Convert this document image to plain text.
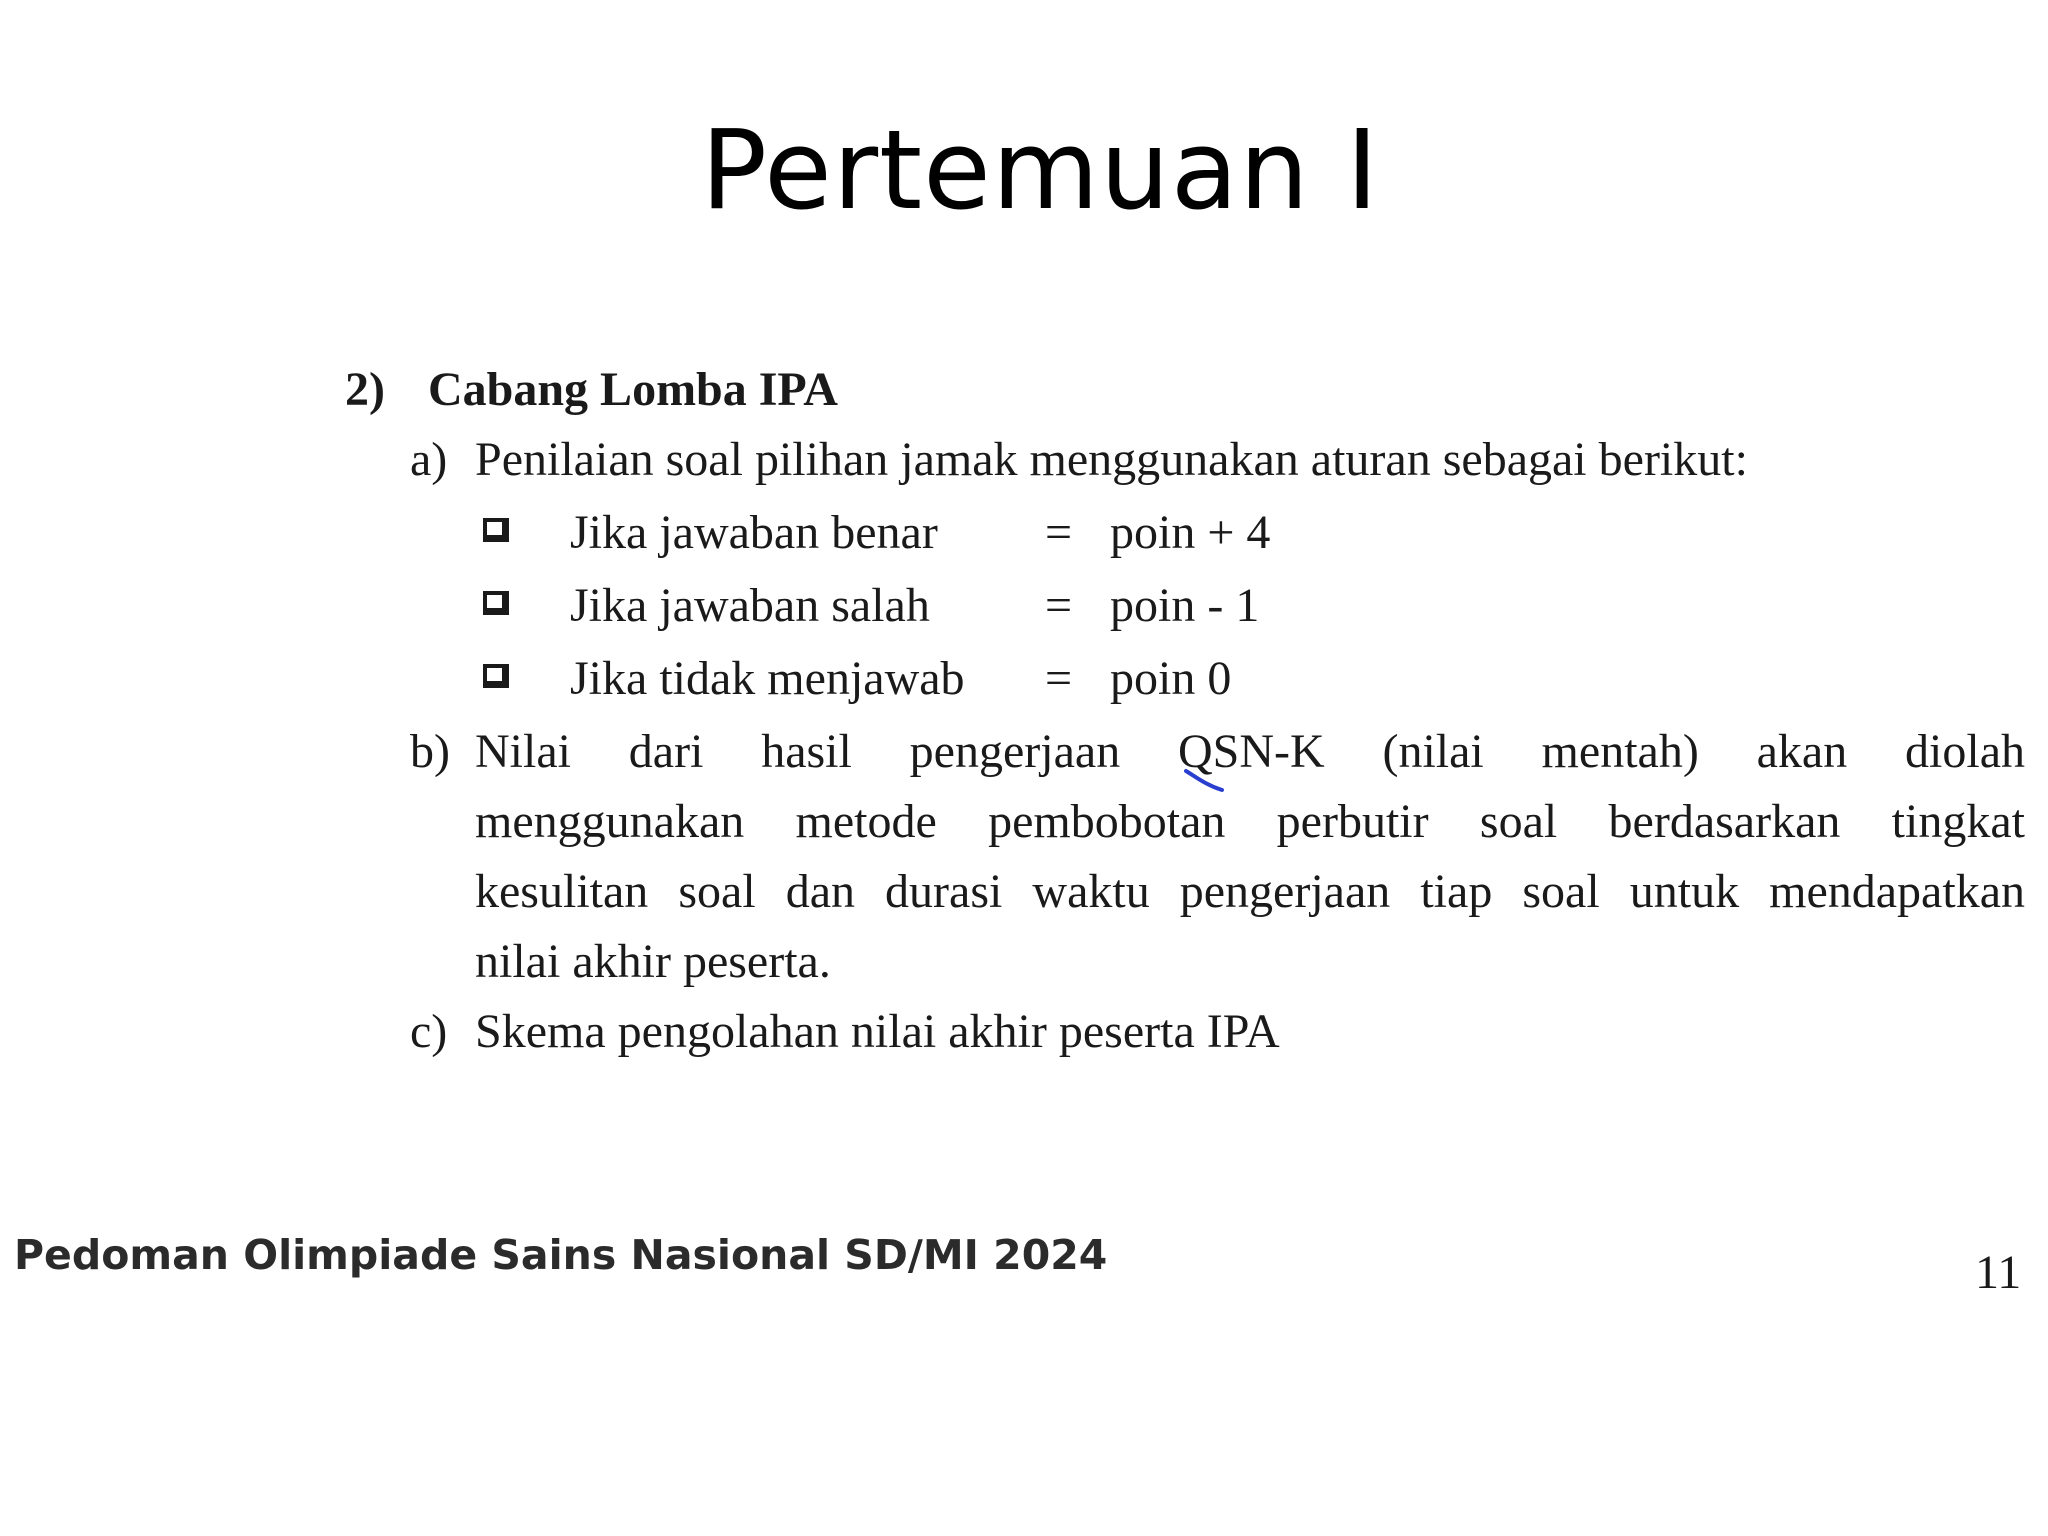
Pertemuan I
2) Cabang Lomba IPA
a) Penilaian soal pilihan jamak menggunakan aturan sebagai berikut:
Jika jawaban benar = poin + 4
Jika jawaban salah = poin - 1
Jika tidak menjawab = poin 0
b) Nilai dari hasil pengerjaan QSN-K (nilai mentah) akan diolah
menggunakan metode pembobotan perbutir soal berdasarkan tingkat
kesulitan soal dan durasi waktu pengerjaan tiap soal untuk mendapatkan
nilai akhir peserta.
c) Skema pengolahan nilai akhir peserta IPA
Pedoman Olimpiade Sains Nasional SD/MI 2024	11
